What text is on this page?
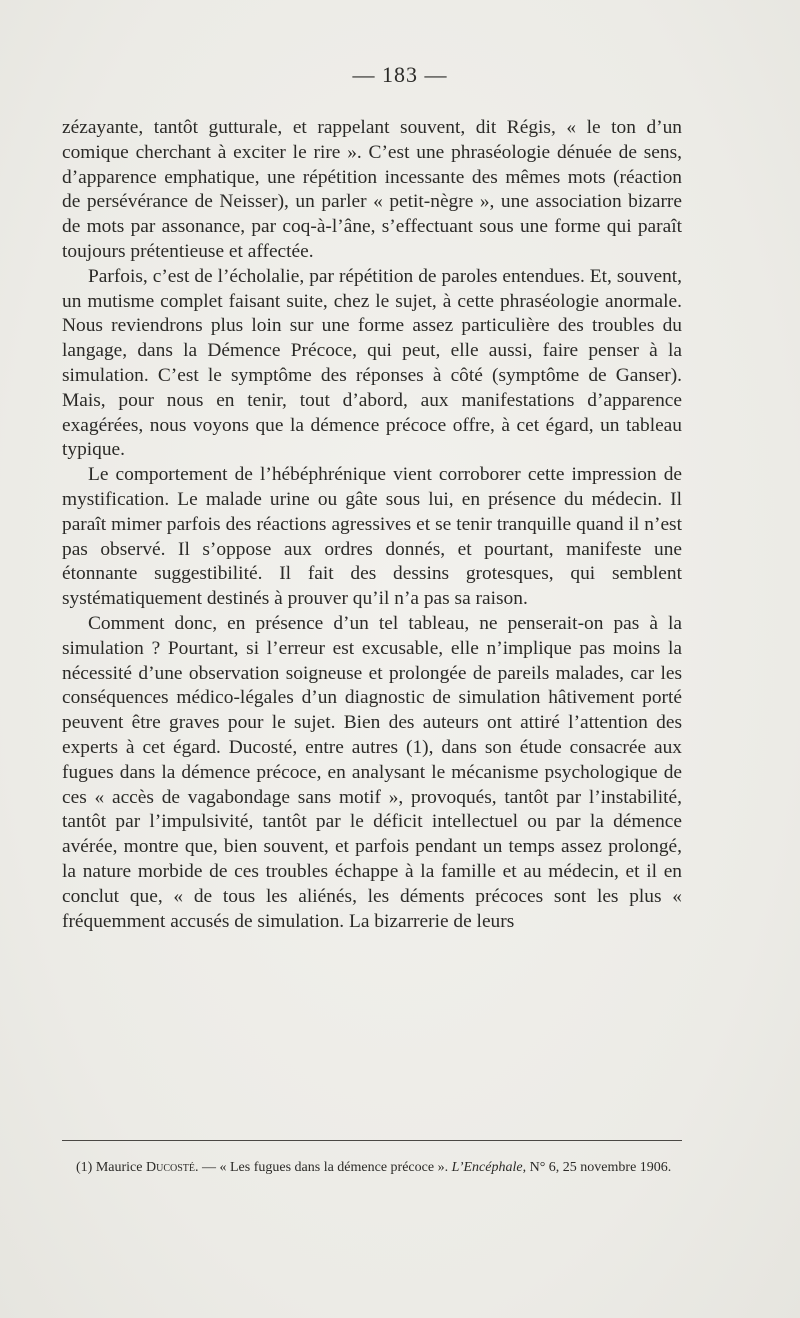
— 183 —

zézayante, tantôt gutturale, et rappelant souvent, dit Régis, « le ton d’un comique cherchant à exciter le rire ». C’est une phraséologie dénuée de sens, d’apparence emphatique, une répétition incessante des mêmes mots (réaction de persévérance de Neisser), un parler « petit-nègre », une association bizarre de mots par assonance, par coq-à-l’âne, s’effectuant sous une forme qui paraît toujours prétentieuse et affectée.

Parfois, c’est de l’écholalie, par répétition de paroles entendues. Et, souvent, un mutisme complet faisant suite, chez le sujet, à cette phraséologie anormale. Nous reviendrons plus loin sur une forme assez particulière des troubles du langage, dans la Démence Précoce, qui peut, elle aussi, faire penser à la simulation. C’est le symptôme des réponses à côté (symptôme de Ganser). Mais, pour nous en tenir, tout d’abord, aux manifestations d’apparence exagérées, nous voyons que la démence précoce offre, à cet égard, un tableau typique.

Le comportement de l’hébéphrénique vient corroborer cette impression de mystification. Le malade urine ou gâte sous lui, en présence du médecin. Il paraît mimer parfois des réactions agressives et se tenir tranquille quand il n’est pas observé. Il s’oppose aux ordres donnés, et pourtant, manifeste une étonnante suggestibilité. Il fait des dessins grotesques, qui semblent systématiquement destinés à prouver qu’il n’a pas sa raison.

Comment donc, en présence d’un tel tableau, ne penserait-on pas à la simulation ? Pourtant, si l’erreur est excusable, elle n’implique pas moins la nécessité d’une observation soigneuse et prolongée de pareils malades, car les conséquences médico-légales d’un diagnostic de simulation hâtivement porté peuvent être graves pour le sujet. Bien des auteurs ont attiré l’attention des experts à cet égard. Ducosté, entre autres (1), dans son étude consacrée aux fugues dans la démence précoce, en analysant le mécanisme psychologique de ces « accès de vagabondage sans motif », provoqués, tantôt par l’instabilité, tantôt par l’impulsivité, tantôt par le déficit intellectuel ou par la démence avérée, montre que, bien souvent, et parfois pendant un temps assez prolongé, la nature morbide de ces troubles échappe à la famille et au médecin, et il en conclut que, « de tous les aliénés, les déments précoces sont les plus « fréquemment accusés de simulation. La bizarrerie de leurs

(1) Maurice Ducosté. — « Les fugues dans la démence précoce ». L’Encéphale, N° 6, 25 novembre 1906.
